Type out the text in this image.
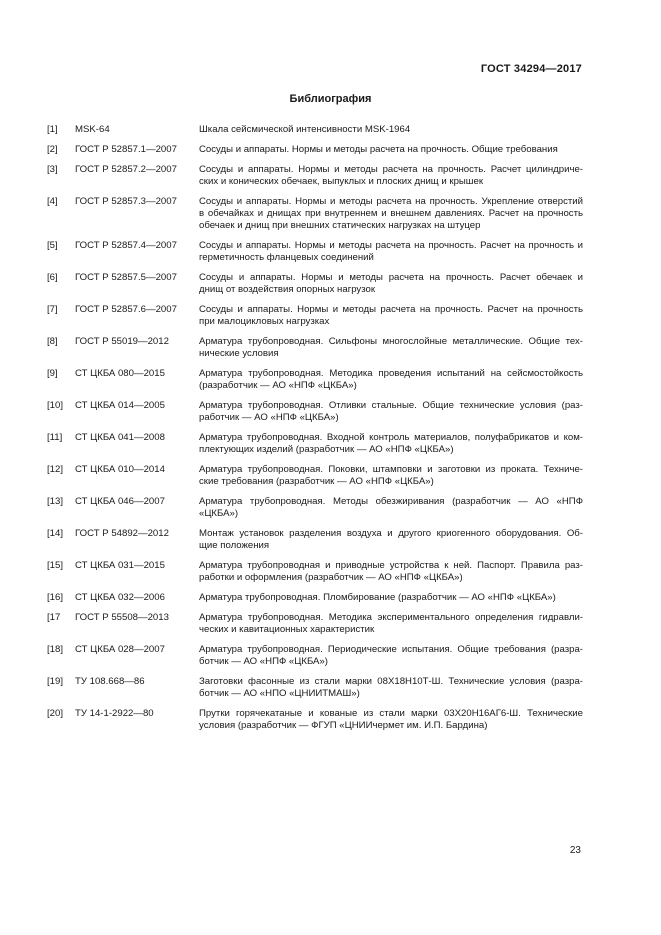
ГОСТ 34294—2017
Библиография
[1]	MSK-64	Шкала сейсмической интенсивности MSK-1964
[2]	ГОСТ Р 52857.1—2007	Сосуды и аппараты. Нормы и методы расчета на прочность. Общие требования
[3]	ГОСТ Р 52857.2—2007	Сосуды и аппараты. Нормы и методы расчета на прочность. Расчет цилиндриче-
ских и конических обечаек, выпуклых и плоских днищ и крышек
[4]	ГОСТ Р 52857.3—2007	Сосуды и аппараты. Нормы и методы расчета на прочность. Укрепление отверстий
в обечайках и днищах при внутреннем и внешнем давлениях. Расчет на прочность
обечаек и днищ при внешних статических нагрузках на штуцер
[5]	ГОСТ Р 52857.4—2007	Сосуды и аппараты. Нормы и методы расчета на прочность. Расчет на прочность и
герметичность фланцевых соединений
[6]	ГОСТ Р 52857.5—2007	Сосуды и аппараты. Нормы и методы расчета на прочность. Расчет обечаек и
днищ от воздействия опорных нагрузок
[7]	ГОСТ Р 52857.6—2007	Сосуды и аппараты. Нормы и методы расчета на прочность. Расчет на прочность
при малоцикловых нагрузках
[8]	ГОСТ Р 55019—2012	Арматура трубопроводная. Сильфоны многослойные металлические. Общие тех-
нические условия
[9]	СТ ЦКБА 080—2015	Арматура трубопроводная. Методика проведения испытаний на сейсмостойкость
(разработчик — АО «НПФ «ЦКБА»)
[10]	СТ ЦКБА 014—2005	Арматура трубопроводная. Отливки стальные. Общие технические условия (раз-
работчик — АО «НПФ «ЦКБА»)
[11]	СТ ЦКБА 041—2008	Арматура трубопроводная. Входной контроль материалов, полуфабрикатов и ком-
плектующих изделий (разработчик — АО «НПФ «ЦКБА»)
[12]	СТ ЦКБА 010—2014	Арматура трубопроводная. Поковки, штамповки и заготовки из проката. Техниче-
ские требования (разработчик — АО «НПФ «ЦКБА»)
[13]	СТ ЦКБА 046—2007	Арматура трубопроводная. Методы обезжиривания (разработчик — АО «НПФ
«ЦКБА»)
[14]	ГОСТ Р 54892—2012	Монтаж установок разделения воздуха и другого криогенного оборудования. Об-
щие положения
[15]	СТ ЦКБА 031—2015	Арматура трубопроводная и приводные устройства к ней. Паспорт. Правила раз-
работки и оформления (разработчик — АО «НПФ «ЦКБА»)
[16]	СТ ЦКБА 032—2006	Арматура трубопроводная. Пломбирование (разработчик — АО «НПФ «ЦКБА»)
[17	ГОСТ Р 55508—2013	Арматура трубопроводная. Методика экспериментального определения гидравли-
ческих и кавитационных характеристик
[18]	СТ ЦКБА 028—2007	Арматура трубопроводная. Периодические испытания. Общие требования (разра-
ботчик — АО «НПФ «ЦКБА»)
[19]	ТУ 108.668—86	Заготовки фасонные из стали марки 08Х18Н10Т-Ш. Технические условия (разра-
ботчик — АО «НПО «ЦНИИТМАШ»)
[20]	ТУ 14-1-2922—80	Прутки горячекатаные и кованые из стали марки 03Х20Н16АГ6-Ш. Технические
условия (разработчик — ФГУП «ЦНИИчермет им. И.П. Бардина)
23
